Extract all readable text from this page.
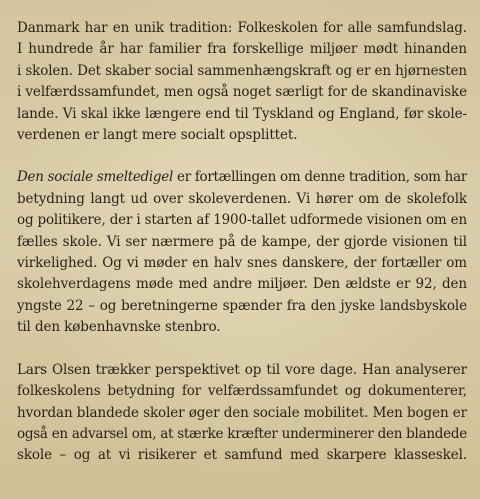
Danmark har en unik tradition: Folkeskolen for alle samfundslag.
I hundrede år har familier fra forskellige miljøer mødt hinanden
i skolen. Det skaber social sammenhængskraft og er en hjørnesten
i velfærdssamfundet, men også noget særligt for de skandinaviske
lande. Vi skal ikke længere end til Tyskland og England, før skole-
verdenen er langt mere socialt opsplittet.

Den sociale smeltedigel er fortællingen om denne tradition, som har
betydning langt ud over skoleverdenen. Vi hører om de skolefolk
og politikere, der i starten af 1900-tallet udformede visionen om en
fælles skole. Vi ser nærmere på de kampe, der gjorde visionen til
virkelighed. Og vi møder en halv snes danskere, der fortæller om
skolehverdagens møde med andre miljøer. Den ældste er 92, den
yngste 22 – og beretningerne spænder fra den jyske landsbyskole
til den københavnske stenbro.

Lars Olsen trækker perspektivet op til vore dage. Han analyserer
folkeskolens betydning for velfærdssamfundet og dokumenterer,
hvordan blandede skoler øger den sociale mobilitet. Men bogen er
også en advarsel om, at stærke kræfter underminerer den blandede
skole – og at vi risikerer et samfund med skarpere klasseskel.
